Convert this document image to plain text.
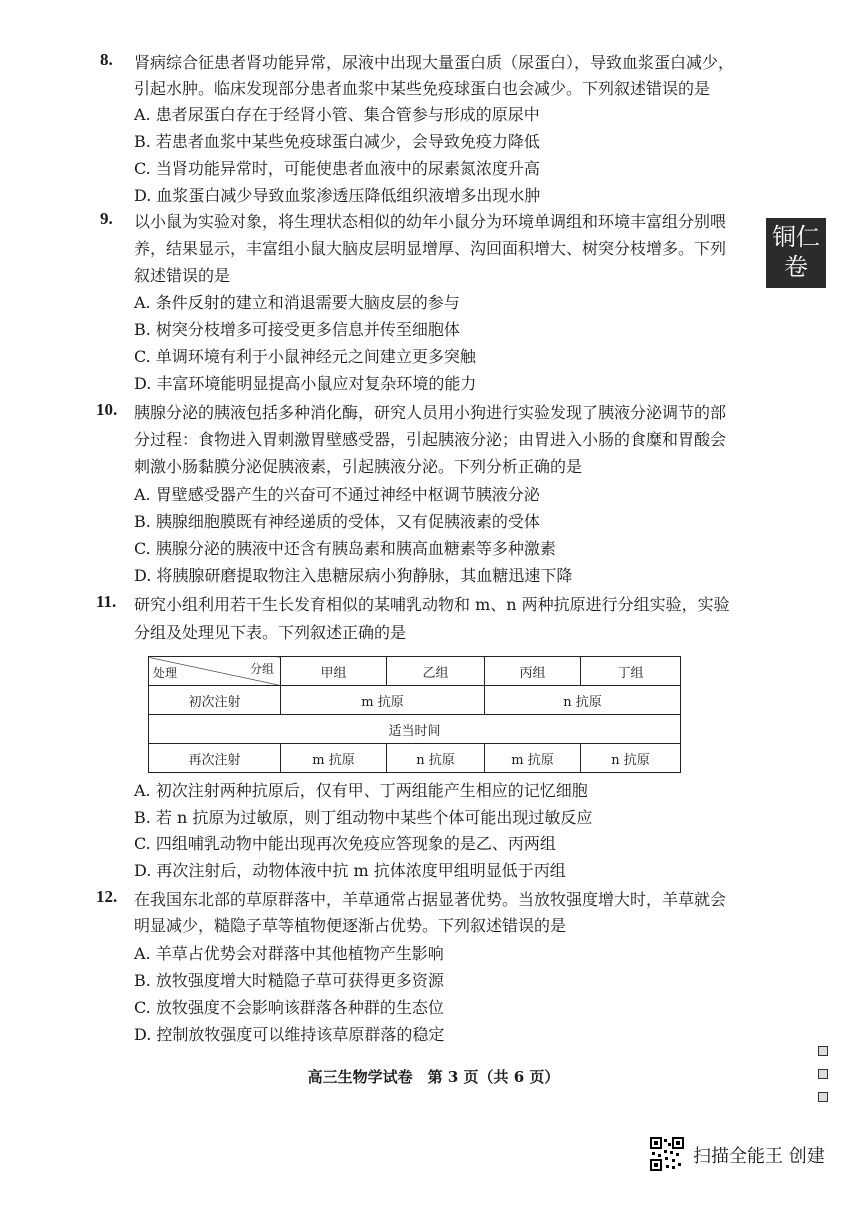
铜仁
卷
8. 肾病综合征患者肾功能异常，尿液中出现大量蛋白质（尿蛋白），导致血浆蛋白减少，
引起水肿。临床发现部分患者血浆中某些免疫球蛋白也会减少。下列叙述错误的是
A. 患者尿蛋白存在于经肾小管、集合管参与形成的原尿中
B. 若患者血浆中某些免疫球蛋白减少，会导致免疫力降低
C. 当肾功能异常时，可能使患者血液中的尿素氮浓度升高
D. 血浆蛋白减少导致血浆渗透压降低组织液增多出现水肿
9. 以小鼠为实验对象，将生理状态相似的幼年小鼠分为环境单调组和环境丰富组分别喂
养，结果显示，丰富组小鼠大脑皮层明显增厚、沟回面积增大、树突分枝增多。下列
叙述错误的是
A. 条件反射的建立和消退需要大脑皮层的参与
B. 树突分枝增多可接受更多信息并传至细胞体
C. 单调环境有利于小鼠神经元之间建立更多突触
D. 丰富环境能明显提高小鼠应对复杂环境的能力
10. 胰腺分泌的胰液包括多种消化酶，研究人员用小狗进行实验发现了胰液分泌调节的部
分过程：食物进入胃刺激胃壁感受器，引起胰液分泌；由胃进入小肠的食糜和胃酸会
刺激小肠黏膜分泌促胰液素，引起胰液分泌。下列分析正确的是
A. 胃壁感受器产生的兴奋可不通过神经中枢调节胰液分泌
B. 胰腺细胞膜既有神经递质的受体，又有促胰液素的受体
C. 胰腺分泌的胰液中还含有胰岛素和胰高血糖素等多种激素
D. 将胰腺研磨提取物注入患糖尿病小狗静脉，其血糖迅速下降
11. 研究小组利用若干生长发育相似的某哺乳动物和 m、n 两种抗原进行分组实验，实验
分组及处理见下表。下列叙述正确的是
处理 分组	甲组	乙组	丙组	丁组
初次注射	m 抗原		n 抗原	
适当时间				
再次注射	m 抗原	n 抗原	m 抗原	n 抗原
A. 初次注射两种抗原后，仅有甲、丁两组能产生相应的记忆细胞
B. 若 n 抗原为过敏原，则丁组动物中某些个体可能出现过敏反应
C. 四组哺乳动物中能出现再次免疫应答现象的是乙、丙两组
D. 再次注射后，动物体液中抗 m 抗体浓度甲组明显低于丙组
12. 在我国东北部的草原群落中，羊草通常占据显著优势。当放牧强度增大时，羊草就会
明显减少，糙隐子草等植物便逐渐占优势。下列叙述错误的是
A. 羊草占优势会对群落中其他植物产生影响
B. 放牧强度增大时糙隐子草可获得更多资源
C. 放牧强度不会影响该群落各种群的生态位
D. 控制放牧强度可以维持该草原群落的稳定
高三生物学试卷　第 3 页（共 6 页）
扫描全能王 创建
